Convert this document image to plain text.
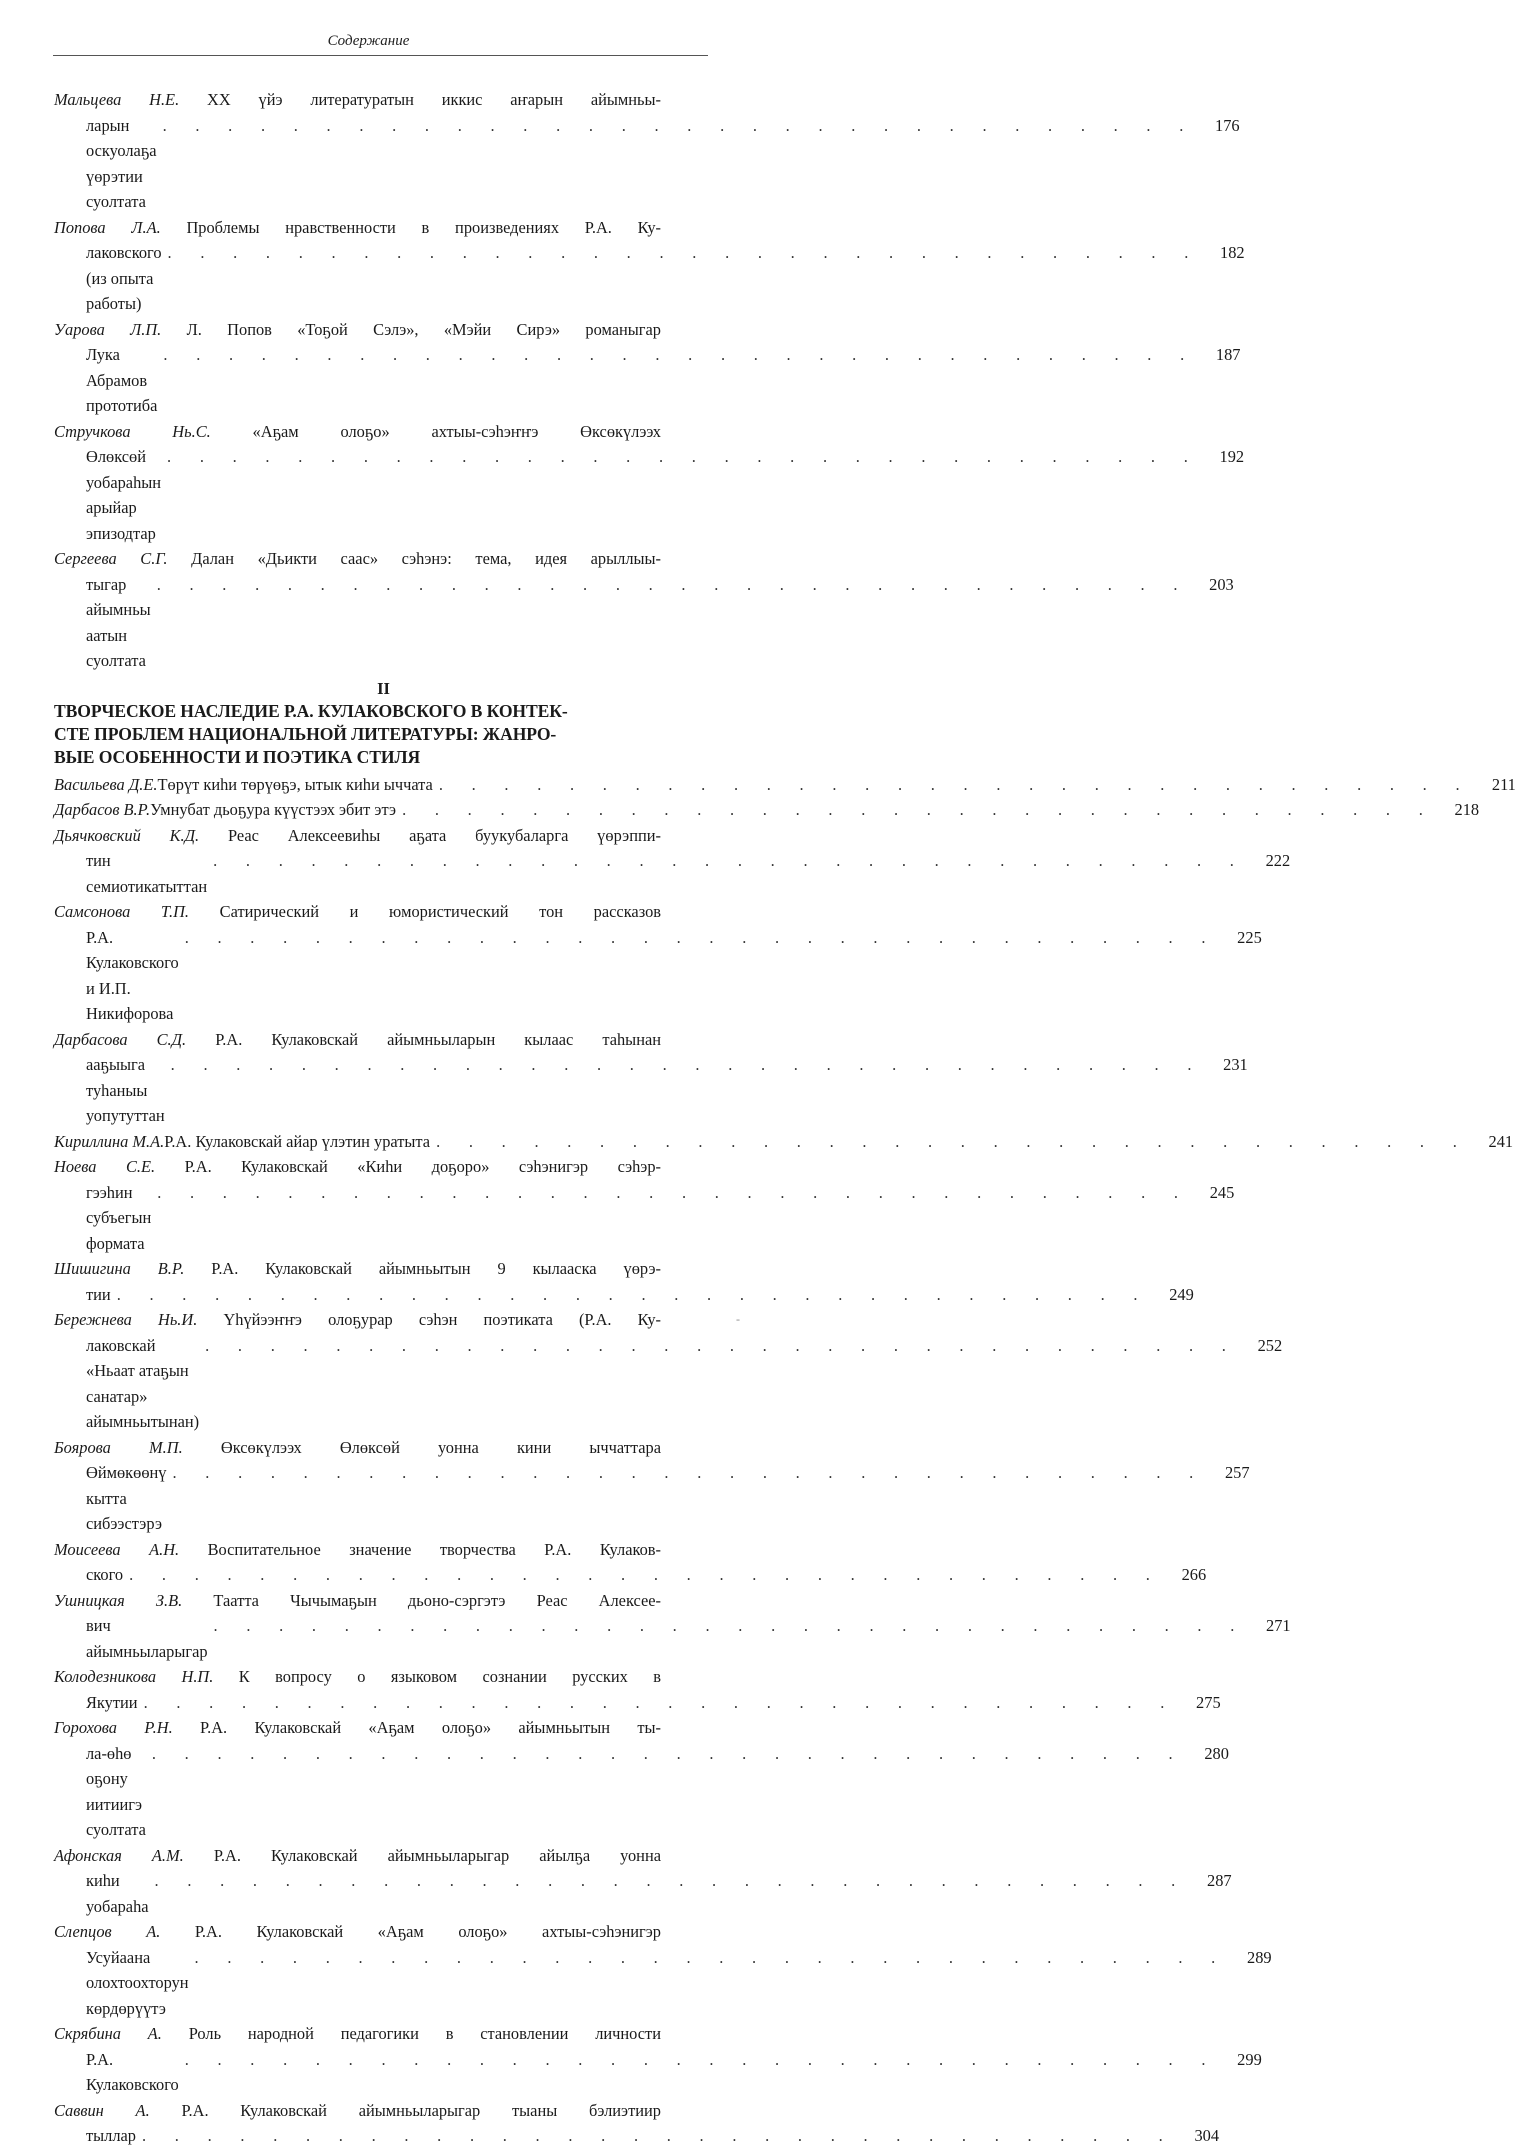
Содержание
Мальцева Н.Е. XX үйэ литературатын иккис аҥарын айымньы-
ларын оскуолаҕа үөрэтии суолтата
. . . . . . . . . . . . . . . . . . . . . . . . . . . . . . . .	176
Попова Л.А. Проблемы нравственности в произведениях Р.А. Ку-
лаковского (из опыта работы)
. . . . . . . . . . . . . . . . . . . . . . . . . . . . . . . .	182
Уарова Л.П. Л. Попов «Тоҕой Сэлэ», «Мэйи Сирэ» романыгар
Лука Абрамов прототиба
. . . . . . . . . . . . . . . . . . . . . . . . . . . . . . . .	187
Стручкова Нь.С.	«Аҕам олоҕо» ахтыы-сэһэҥҥэ Өксөкүлээх
Өлөксөй уобараһын арыйар эпизодтар
. . . . . . . . . . . . . . . . . . . . . . . . . . . . . . . .	192
Сергеева С.Г. Далан «Дьикти саас» сэһэнэ: тема, идея арыллыы-
тыгар айымньы аатын суолтата
. . . . . . . . . . . . . . . . . . . . . . . . . . . . . . . .	203
II
ТВОРЧЕСКОЕ НАСЛЕДИЕ Р.А. КУЛАКОВСКОГО В КОНТЕК-
СТЕ ПРОБЛЕМ НАЦИОНАЛЬНОЙ ЛИТЕРАТУРЫ: ЖАНРО-
ВЫЕ ОСОБЕННОСТИ И ПОЭТИКА СТИЛЯ
Васильева Д.Е. Төрүт киһи төрүөҕэ, ытык киһи ыччата . . . . . . . . . . . . . . . . . . . . . . . . . . . . . . . .	211
Дарбасов В.Р. Умнубат дьоҕура күүстээх эбит этэ . . . . . . . . . . . . . . . . . . . . . . . . . . . . . . . .	218
Дьячковский К.Д. Реас Алексеевиһы аҕата буукубаларга үөрэппи-
тин семиотикатыттан
. . . . . . . . . . . . . . . . . . . . . . . . . . . . . . . .	222
Самсонова Т.П. Сатирический и юмористический тон рассказов
Р.А. Кулаковского и И.П. Никифорова
. . . . . . . . . . . . . . . . . . . . . . . . . . . . . . . .	225
Дарбасова С.Д. Р.А. Кулаковскай айымньыларын кылаас таһынан
ааҕыыга туһаныы уопутуттан
. . . . . . . . . . . . . . . . . . . . . . . . . . . . . . . .	231
Кириллина М.А. Р.А. Кулаковскай айар үлэтин уратыта . . . . . . . . . . . . . . . . . . . . . . . . . . . . . . . .	241
Ноева С.Е. Р.А. Кулаковскай «Киһи доҕоро» сэһэнигэр сэһэр-
гээһин субъегын формата
. . . . . . . . . . . . . . . . . . . . . . . . . . . . . . . .	245
Шишигина В.Р. Р.А. Кулаковскай айымньытын 9 кылааска үөрэ-
тии . . . . . . . . . . . . . . . . . . . . . . . . . . . . . . . .	249
Бережнева Нь.И. Үһүйээҥҥэ олоҕурар сэһэн поэтиката (Р.А. Ку-
лаковскай «Ньаат атаҕын санатар» айымньытынан)
. . . . . . . . . . . . . . . . . . . . . . . . . . . . . . . .	252
-
Боярова М.П. Өксөкүлээх Өлөксөй уонна кини ыччаттара
Өймөкөөнү кытта сибээстэрэ
. . . . . . . . . . . . . . . . . . . . . . . . . . . . . . . .	257
Моисеева А.Н. Воспитательное значение творчества Р.А. Кулаков-
ского . . . . . . . . . . . . . . . . . . . . . . . . . . . . . . . .	266
Ушницкая З.В. Таатта Чычымаҕын дьоно-сэргэтэ Реас Алексее-
вич айымньыларыгар
. . . . . . . . . . . . . . . . . . . . . . . . . . . . . . . .	271
Колодезникова Н.П. К вопросу о языковом сознании русских в
Якутии . . . . . . . . . . . . . . . . . . . . . . . . . . . . . . . .	275
Горохова Р.Н. Р.А. Кулаковскай «Аҕам олоҕо» айымньытын ты-
ла-өһө оҕону иитиигэ суолтата
. . . . . . . . . . . . . . . . . . . . . . . . . . . . . . . .	280
Афонская А.М. Р.А. Кулаковскай айымньыларыгар айылҕа уонна
киһи уобараһа
. . . . . . . . . . . . . . . . . . . . . . . . . . . . . . . .	287
Слепцов А. Р.А. Кулаковскай «Аҕам олоҕо» ахтыы-сэһэнигэр
Усуйаана олохтоохторун көрдөрүүтэ
. . . . . . . . . . . . . . . . . . . . . . . . . . . . . . . .	289
Скрябина А. Роль народной педагогики в становлении личности
Р.А. Кулаковского
. . . . . . . . . . . . . . . . . . . . . . . . . . . . . . . .	299
Саввин А. Р.А. Кулаковскай айымньыларыгар тыаны бэлиэтиир
тыллар . . . . . . . . . . . . . . . . . . . . . . . . . . . . . . . .	304
